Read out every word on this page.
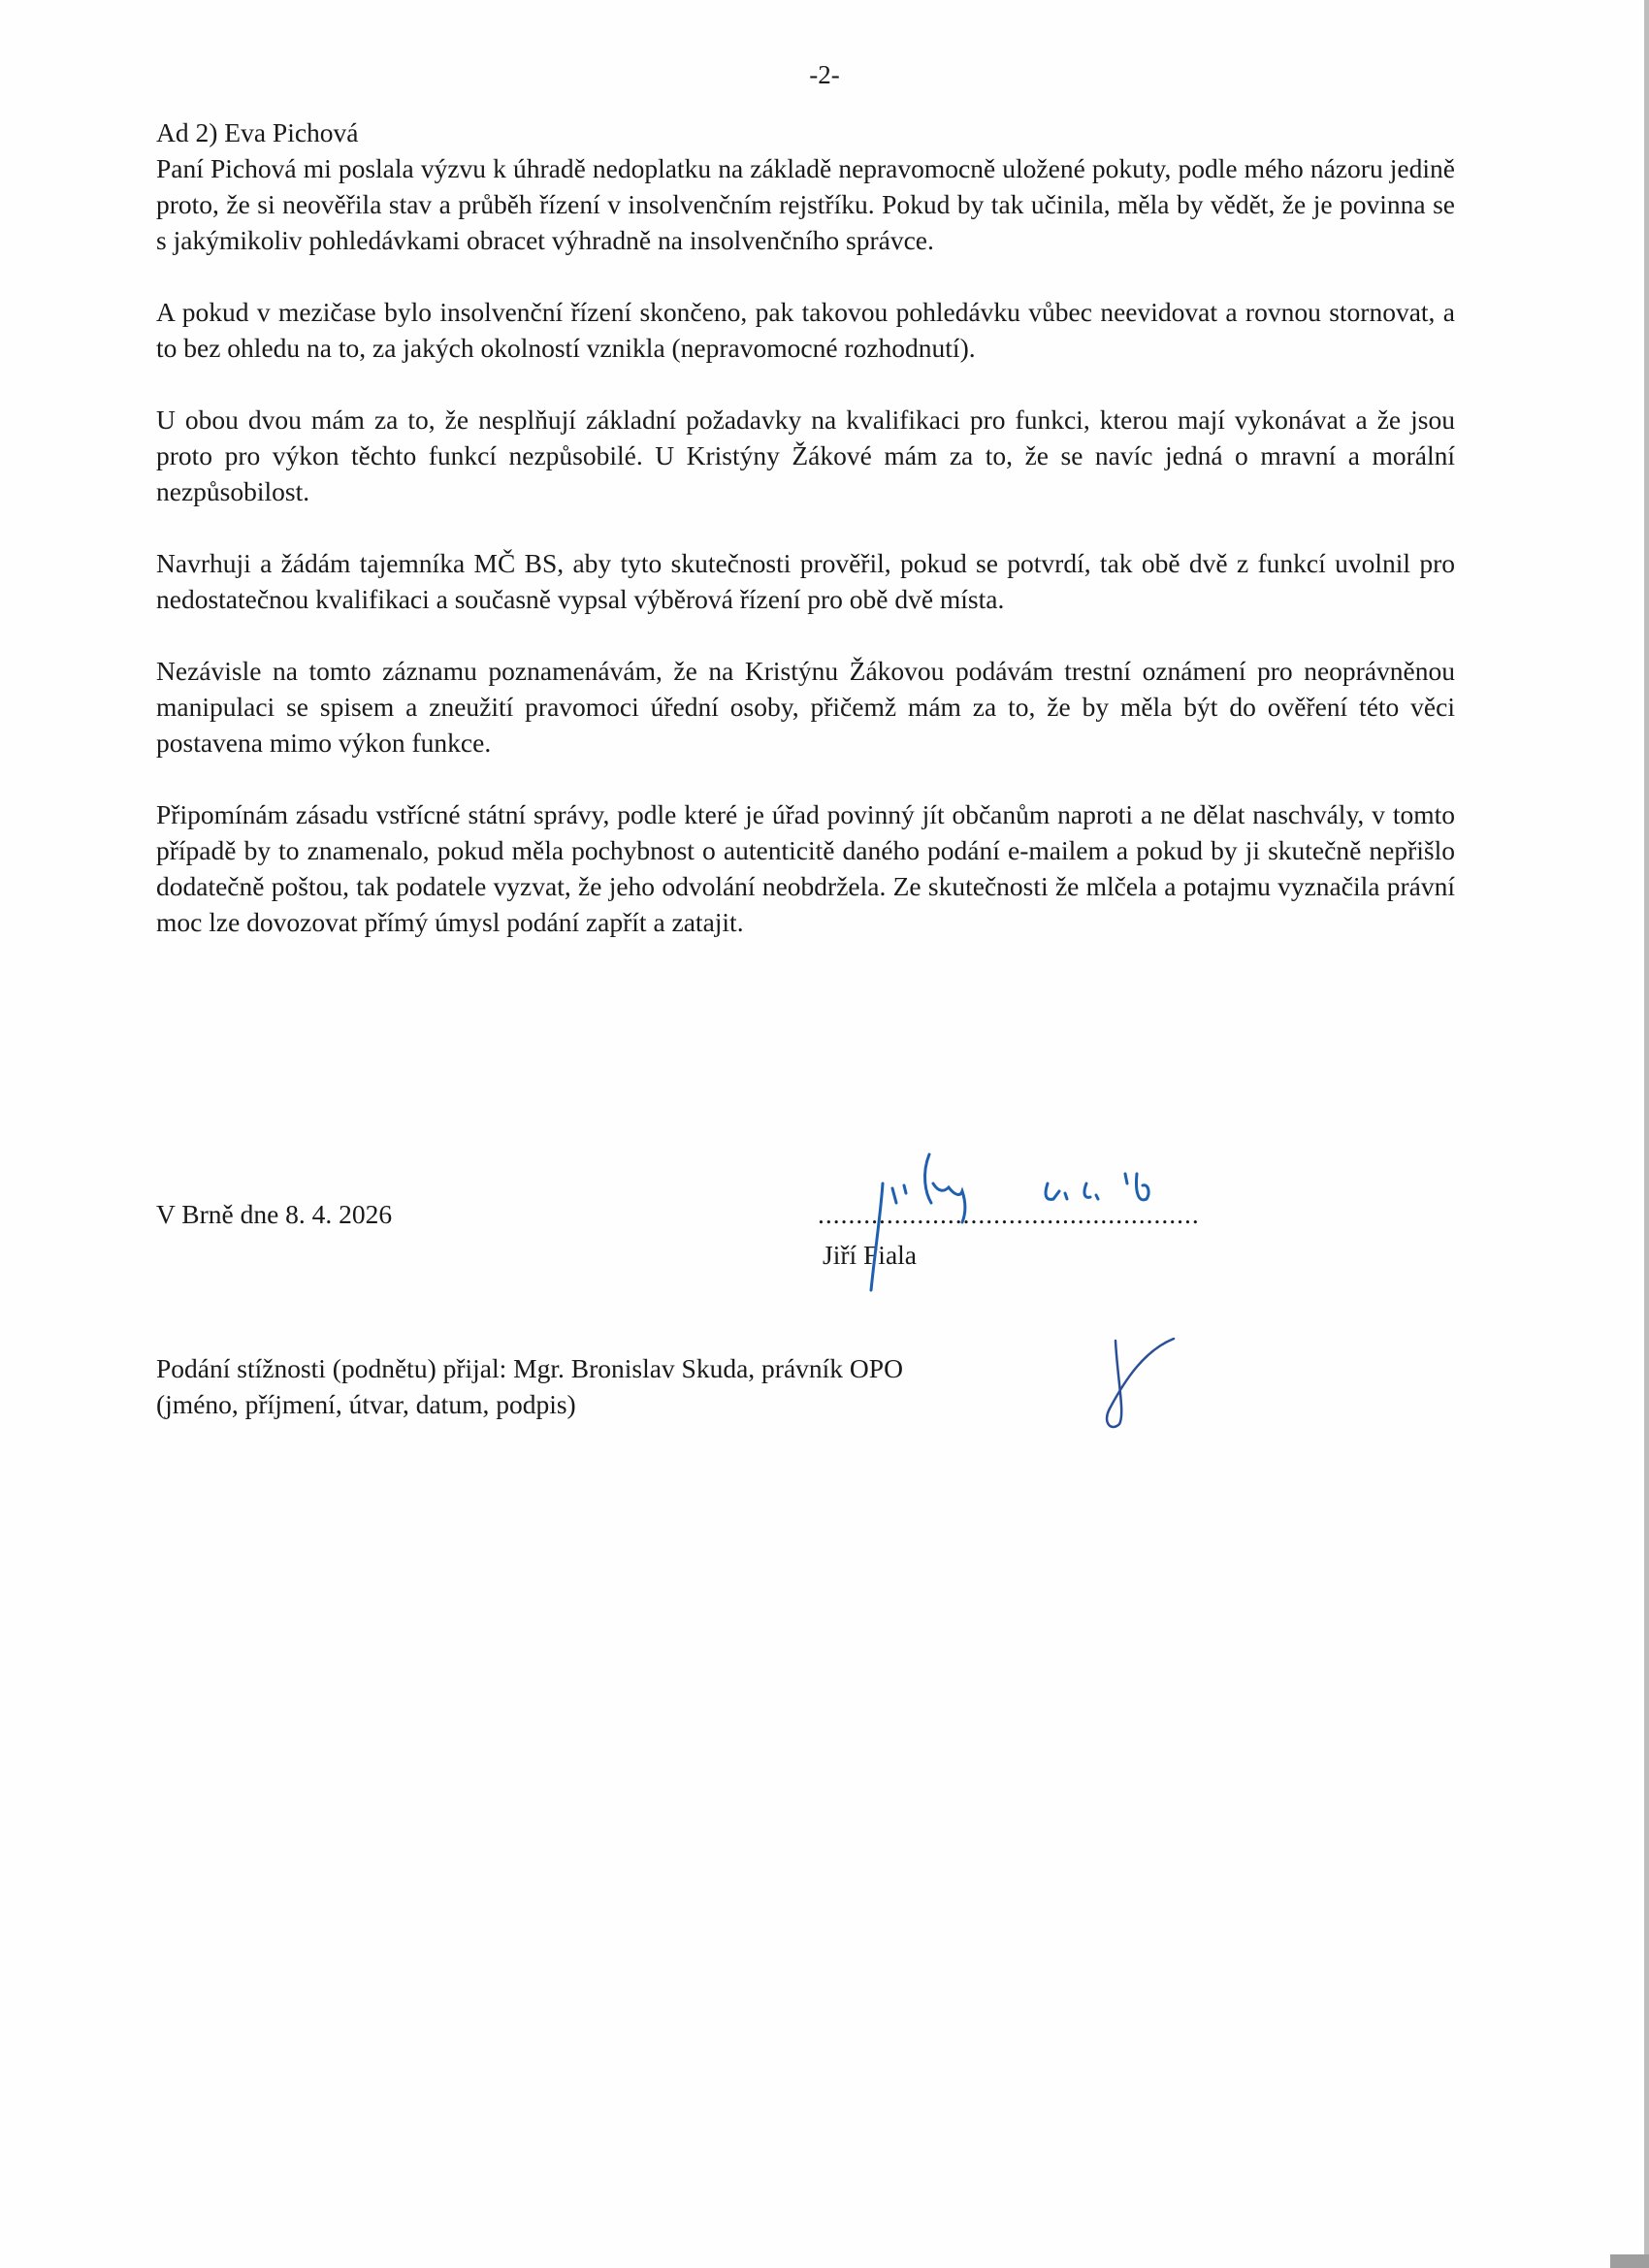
-2-

Ad 2) Eva Pichová

Paní Pichová mi poslala výzvu k úhradě nedoplatku na základě nepravomocně uložené pokuty, podle mého názoru jedině proto, že si neověřila stav a průběh řízení v insolvenčním rejstříku. Pokud by tak učinila, měla by vědět, že je povinna se s jakýmikoliv pohledávkami obracet výhradně na insolvenčního správce.

A pokud v mezičase bylo insolvenční řízení skončeno, pak takovou pohledávku vůbec neevidovat a rovnou stornovat, a to bez ohledu na to, za jakých okolností vznikla (nepravomocné rozhodnutí).

U obou dvou mám za to, že nesplňují základní požadavky na kvalifikaci pro funkci, kterou mají vykonávat a že jsou proto pro výkon těchto funkcí nezpůsobilé. U Kristýny Žákové mám za to, že se navíc jedná o mravní a morální nezpůsobilost.

Navrhuji a žádám tajemníka MČ BS, aby tyto skutečnosti prověřil, pokud se potvrdí, tak obě dvě z funkcí uvolnil pro nedostatečnou kvalifikaci a současně vypsal výběrová řízení pro obě dvě místa.

Nezávisle na tomto záznamu poznamenávám, že na Kristýnu Žákovou podávám trestní oznámení pro neoprávněnou manipulaci se spisem a zneužití pravomoci úřední osoby, přičemž mám za to, že by měla být do ověření této věci postavena mimo výkon funkce.

Připomínám zásadu vstřícné státní správy, podle které je úřad povinný jít občanům naproti a ne dělat naschvály, v tomto případě by to znamenalo, pokud měla pochybnost o autenticitě daného podání e-mailem a pokud by ji skutečně nepřišlo dodatečně poštou, tak podatele vyzvat, že jeho odvolání neobdržela. Ze skutečnosti že mlčela a potajmu vyznačila právní moc lze dovozovat přímý úmysl podání zapřít a zatajit.

V Brně dne 8. 4. 2026	..................................................
Jiří Fiala
Podání stížnosti (podnětu) přijal: Mgr. Bronislav Skuda, právník OPO
(jméno, příjmení, útvar, datum, podpis)
